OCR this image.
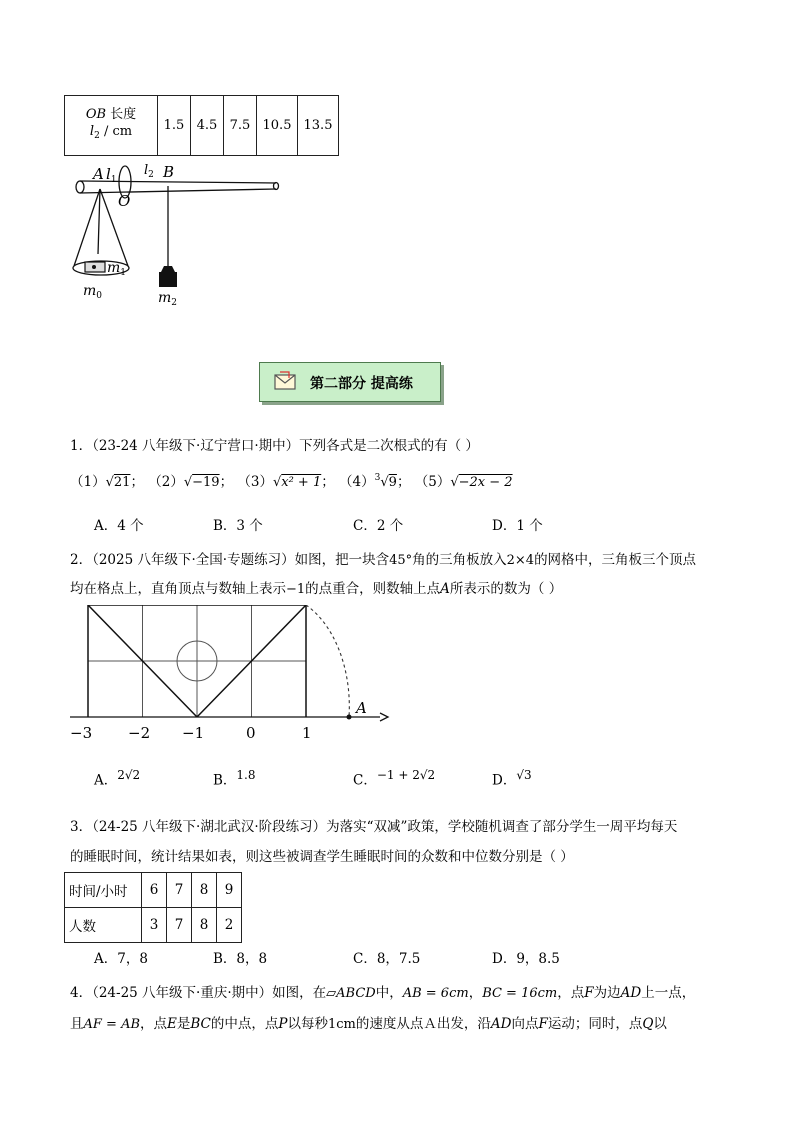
OB 长度
$l_2$ / cm	1.5	4.5	7.5	10.5	13.5
A $l_1$
$l_2$ B
O
$m_1$
$m_0$	$m_2$
第二部分 提高练
1．（23-24 八年级下·辽宁营口·期中）下列各式是二次根式的有（ ）
（1）√21； （2）√−19； （3）√x² + 1； $(4)^3√9$； （5）√−2x − 2
A．4 个	B．3 个	C．2 个	D．1 个
2．（2025 八年级下·全国·专题练习）如图，把一块含45°角的三角板放入2×4的网格中，三角板三个顶点
均在格点上，直角顶点与数轴上表示−1的点重合，则数轴上点A所表示的数为（ ）
A
−3 −2 −1	0	1
A．$^{2√2}$	B．$^{1.8}$	C．$^{-1 + 2√2}$	D．$^{√3}$
3．（24-25 八年级下·湖北武汉·阶段练习）为落实“双减”政策，学校随机调查了部分学生一周平均每天
的睡眠时间，统计结果如表，则这些被调查学生睡眠时间的众数和中位数分别是（ ）
时间/小时	6	7	8	9
人数	3	7	8	2
A．7，8	B．8，8	C．8，7.5	D．9，8.5
4．（24-25 八年级下·重庆·期中）如图，在▱ABCD中，AB = 6cm，BC = 16cm，点F为边AD上一点，
且AF = AB，点E是BC的中点，点P以每秒1cm的速度从点Ａ出发，沿AD向点F运动；同时，点Q以
